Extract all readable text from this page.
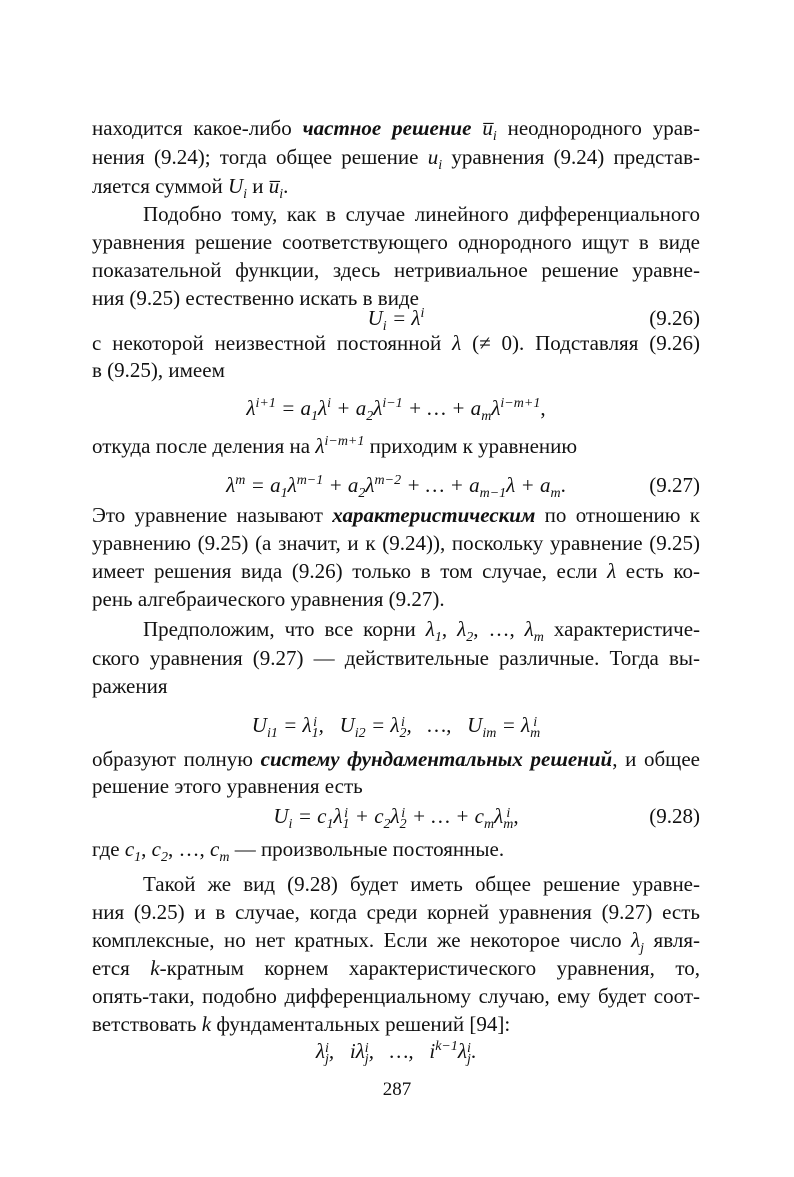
находится какое-либо частное решение $u̅_i$ неоднородного урав-
нения (9.24); тогда общее решение $u_i$ уравнения (9.24) представ-
ляется суммой $U_i$ и $u̅_i$.
Подобно тому, как в случае линейного дифференциального
уравнения решение соответствующего однородного ищут в виде
показательной функции, здесь нетривиальное решение уравне-
ния (9.25) естественно искать в виде
$U_i = \lambda^i$	(9.26)
с некоторой неизвестной постоянной λ (≠ 0). Подставляя (9.26)
в (9.25), имеем
$\lambda^{i+1} = a_1\lambda^i + a_2\lambda^{i-1}$ + … + $a_m\lambda^{i-m+1}$,
откуда после деления на $\lambda^{i-m+1}$ приходим к уравнению
$\lambda^m = a_1\lambda^{m-1} + a_2\lambda^{m-2}$ + … + $a_{m-1}\lambda + a_m$.	(9.27)
Это уравнение называют характеристическим по отношению к
уравнению (9.25) (а значит, и к (9.24)), поскольку уравнение (9.25)
имеет решения вида (9.26) только в том случае, если λ есть ко-
рень алгебраического уравнения (9.27).
Предположим, что все корни $\lambda_1$, $\lambda_2$, …, $\lambda_m$ характеристиче-
ского уравнения (9.27) — действительные различные. Тогда вы-
ражения
$U_{i1} = \lambda$ i
1 ,   $U_{i2} = \lambda$ i
2 ,   …,   $U_{im} = \lambda$ i
m
образуют полную систему фундаментальных решений, и общее
решение этого уравнения есть
$U_i = c_1\lambda$ i
$1 + c_2\lambda$ i
2 + … + $c_m\lambda$ i
m ,	(9.28)
где $c_1$, $c_2$, …, $c_m$ — произвольные постоянные.
Такой же вид (9.28) будет иметь общее решение уравне-
ния (9.25) и в случае, когда среди корней уравнения (9.27) есть
комплексные, но нет кратных. Если же некоторое число $\lambda_j$ явля-
ется k-кратным корнем характеристического уравнения, то,
опять-таки, подобно дифференциальному случаю, ему будет соот-
ветствовать k фундаментальных решений [94]:
λ i
j ,   iλ i
j ,   …,   $i^{k-1}\lambda$ i
j .
287
